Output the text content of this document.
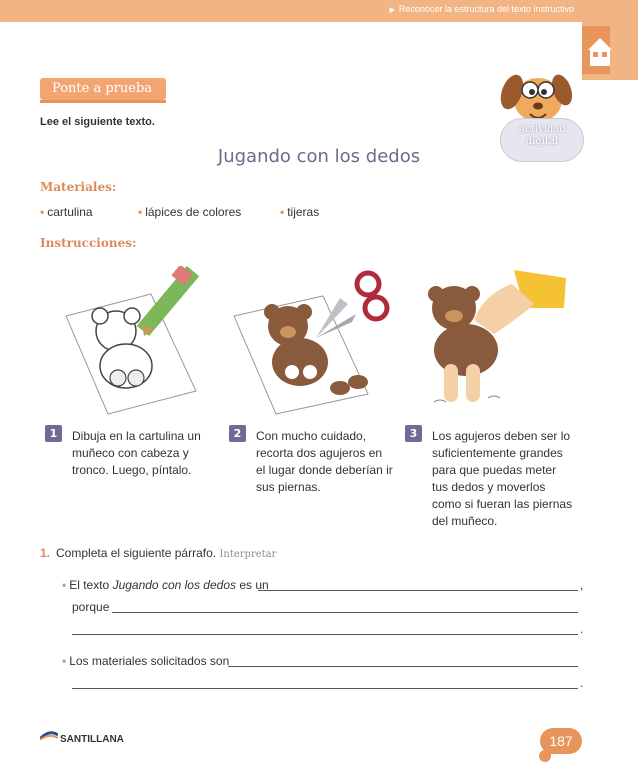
▶ Reconocer la estructura del texto instructivo
Ponte a prueba
Lee el siguiente texto.
Actividad digital
Jugando con los dedos
Materiales:
• cartulina	• lápices de colores	• tijeras
Instrucciones:
1	Dibuja en la cartulina un
muñeco con cabeza y
tronco. Luego, píntalo.
2	Con mucho cuidado,
recorta dos agujeros en
el lugar donde deberían ir
sus piernas.
3	Los agujeros deben ser lo
suficientemente grandes
para que puedas meter
tus dedos y moverlos
como si fueran las piernas
del muñeco.
1. Completa el siguiente párrafo. Interpretar
• El texto Jugando con los dedos es un	,
porque
.
• Los materiales solicitados son
.
SANTILLANA	187
